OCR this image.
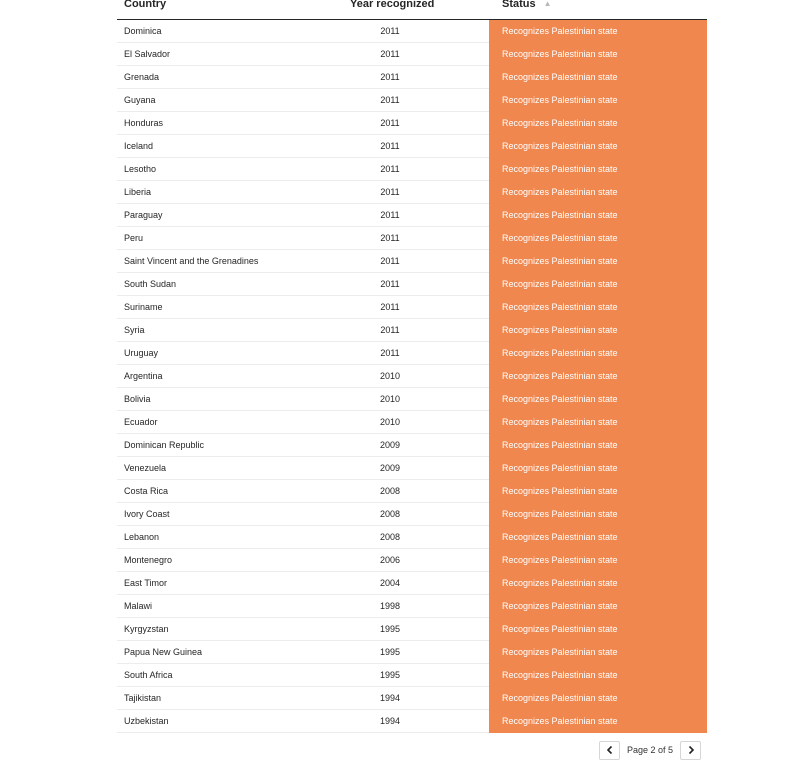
Country	Year recognized	Status ▲
Dominica	2011	Recognizes Palestinian state
El Salvador	2011	Recognizes Palestinian state
Grenada	2011	Recognizes Palestinian state
Guyana	2011	Recognizes Palestinian state
Honduras	2011	Recognizes Palestinian state
Iceland	2011	Recognizes Palestinian state
Lesotho	2011	Recognizes Palestinian state
Liberia	2011	Recognizes Palestinian state
Paraguay	2011	Recognizes Palestinian state
Peru	2011	Recognizes Palestinian state
Saint Vincent and the Grenadines	2011	Recognizes Palestinian state
South Sudan	2011	Recognizes Palestinian state
Suriname	2011	Recognizes Palestinian state
Syria	2011	Recognizes Palestinian state
Uruguay	2011	Recognizes Palestinian state
Argentina	2010	Recognizes Palestinian state
Bolivia	2010	Recognizes Palestinian state
Ecuador	2010	Recognizes Palestinian state
Dominican Republic	2009	Recognizes Palestinian state
Venezuela	2009	Recognizes Palestinian state
Costa Rica	2008	Recognizes Palestinian state
Ivory Coast	2008	Recognizes Palestinian state
Lebanon	2008	Recognizes Palestinian state
Montenegro	2006	Recognizes Palestinian state
East Timor	2004	Recognizes Palestinian state
Malawi	1998	Recognizes Palestinian state
Kyrgyzstan	1995	Recognizes Palestinian state
Papua New Guinea	1995	Recognizes Palestinian state
South Africa	1995	Recognizes Palestinian state
Tajikistan	1994	Recognizes Palestinian state
Uzbekistan	1994	Recognizes Palestinian state
Page 2 of 5
